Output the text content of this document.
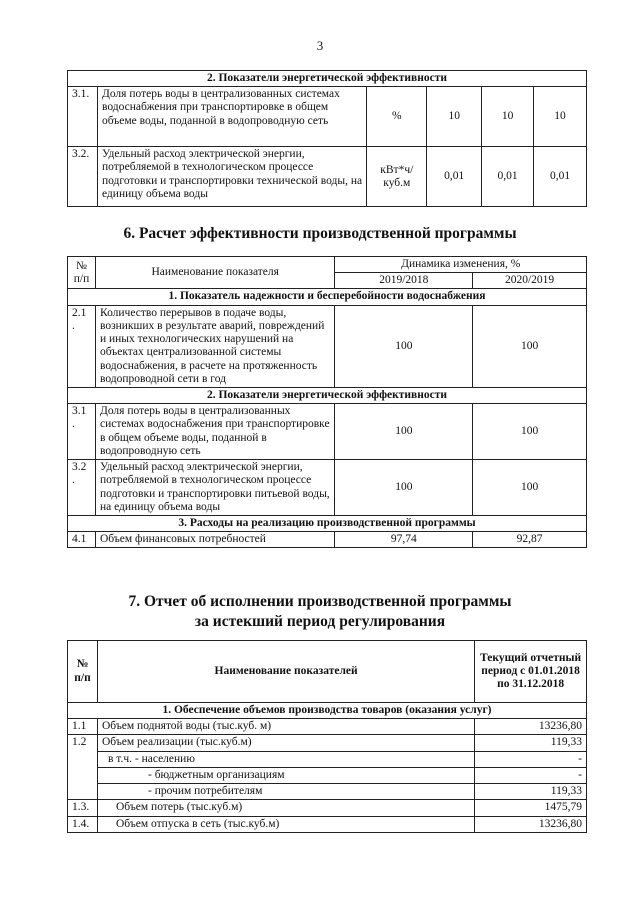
3
2. Показатели энергетической эффективности					
3.1.	Доля потерь воды в централизованных системах водоснабжения при транспортировке в общем объеме воды, поданной в водопроводную сеть	%	10	10	10
3.2.	Удельный расход электрической энергии, потребляемой в технологическом процессе подготовки и транспортировки технической воды, на единицу объема воды	кВт*ч/ куб.м	0,01	0,01	0,01
6. Расчет эффективности производственной программы
№ п/п	Наименование показателя	Динамика изменения, %	
		2019/2018	2020/2019
1. Показатель надежности и бесперебойности водоснабжения			
2.1 .	Количество перерывов в подаче воды, возникших в результате аварий, повреждений и иных технологических нарушений на объектах централизованной системы водоснабжения, в расчете на протяженность водопроводной сети в год	100	100
2. Показатели энергетической эффективности			
3.1 .	Доля потерь воды в централизованных системах водоснабжения при транспортировке в общем объеме воды, поданной в водопроводную сеть	100	100
3.2 .	Удельный расход электрической энергии, потребляемой в технологическом процессе подготовки и транспортировки питьевой воды, на единицу объема воды	100	100
3. Расходы на реализацию производственной программы			
4.1	Объем финансовых потребностей	97,74	92,87
7. Отчет об исполнении производственной программы
за истекший период регулирования
№ п/п	Наименование показателей	Текущий отчетный период с 01.01.2018 по 31.12.2018
1. Обеспечение объемов производства товаров (оказания услуг)		
1.1	Объем поднятой воды (тыс.куб. м)	13236,80
1.2	Объем реализации (тыс.куб.м)	119,33
	в т.ч. - населению	-
	- бюджетным организациям	-
	- прочим потребителям	119,33
1.3.	Объем потерь (тыс.куб.м)	1475,79
1.4.	Объем отпуска в сеть (тыс.куб.м)	13236,80
